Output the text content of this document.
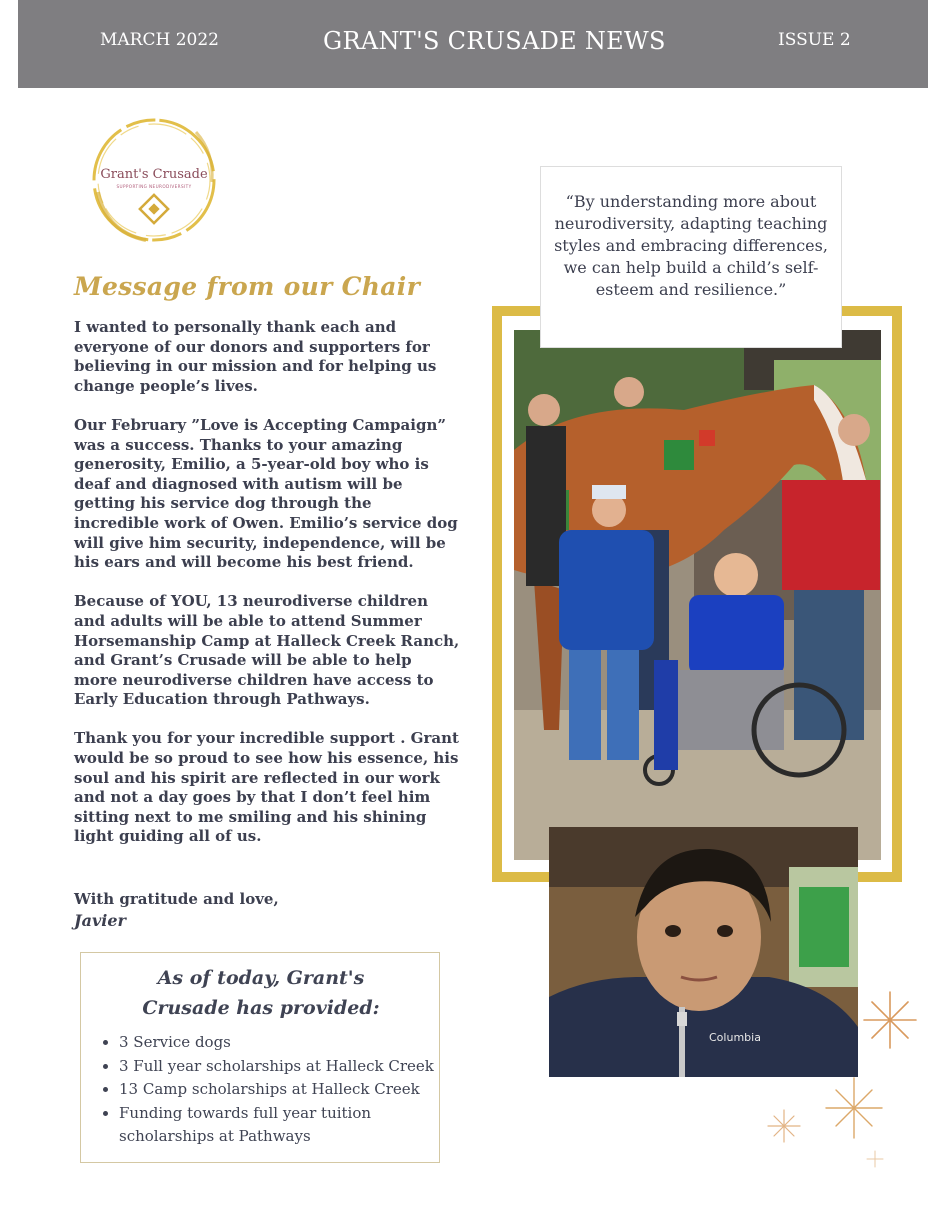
MARCH 2022	GRANT'S CRUSADE NEWS	ISSUE 2
Grant's Crusade
SUPPORTING NEURODIVERSITY
Message from our Chair

I wanted to personally thank each and everyone of our donors and supporters for believing in our mission and for helping us change people’s lives.

Our February ”Love is Accepting Campaign” was a success. Thanks to your amazing generosity, Emilio, a 5-year-old boy who is deaf and diagnosed with autism will be getting his service dog through the incredible work of Owen. Emilio’s service dog will give him security, independence, will be his ears and will become his best friend.

Because of YOU, 13 neurodiverse children and adults will be able to attend Summer Horsemanship Camp at Halleck Creek Ranch, and Grant’s Crusade will be able to help more neurodiverse children have access to Early Education through Pathways.

Thank you for your incredible support . Grant would be so proud to see how his essence, his soul and his spirit are reflected in our work and not a day goes by that I don’t feel him sitting next to me smiling and his shining light guiding all of us.

With gratitude and love,
Javier
As of today, Grant's
Crusade has provided:
• 3 Service dogs
• 3 Full year scholarships at Halleck Creek
• 13 Camp scholarships at Halleck Creek
• Funding towards full year tuition scholarships at Pathways

“By understanding more about neurodiversity, adapting teaching styles and embracing differences, we can help build a child’s self-esteem and resilience.”

Columbia
